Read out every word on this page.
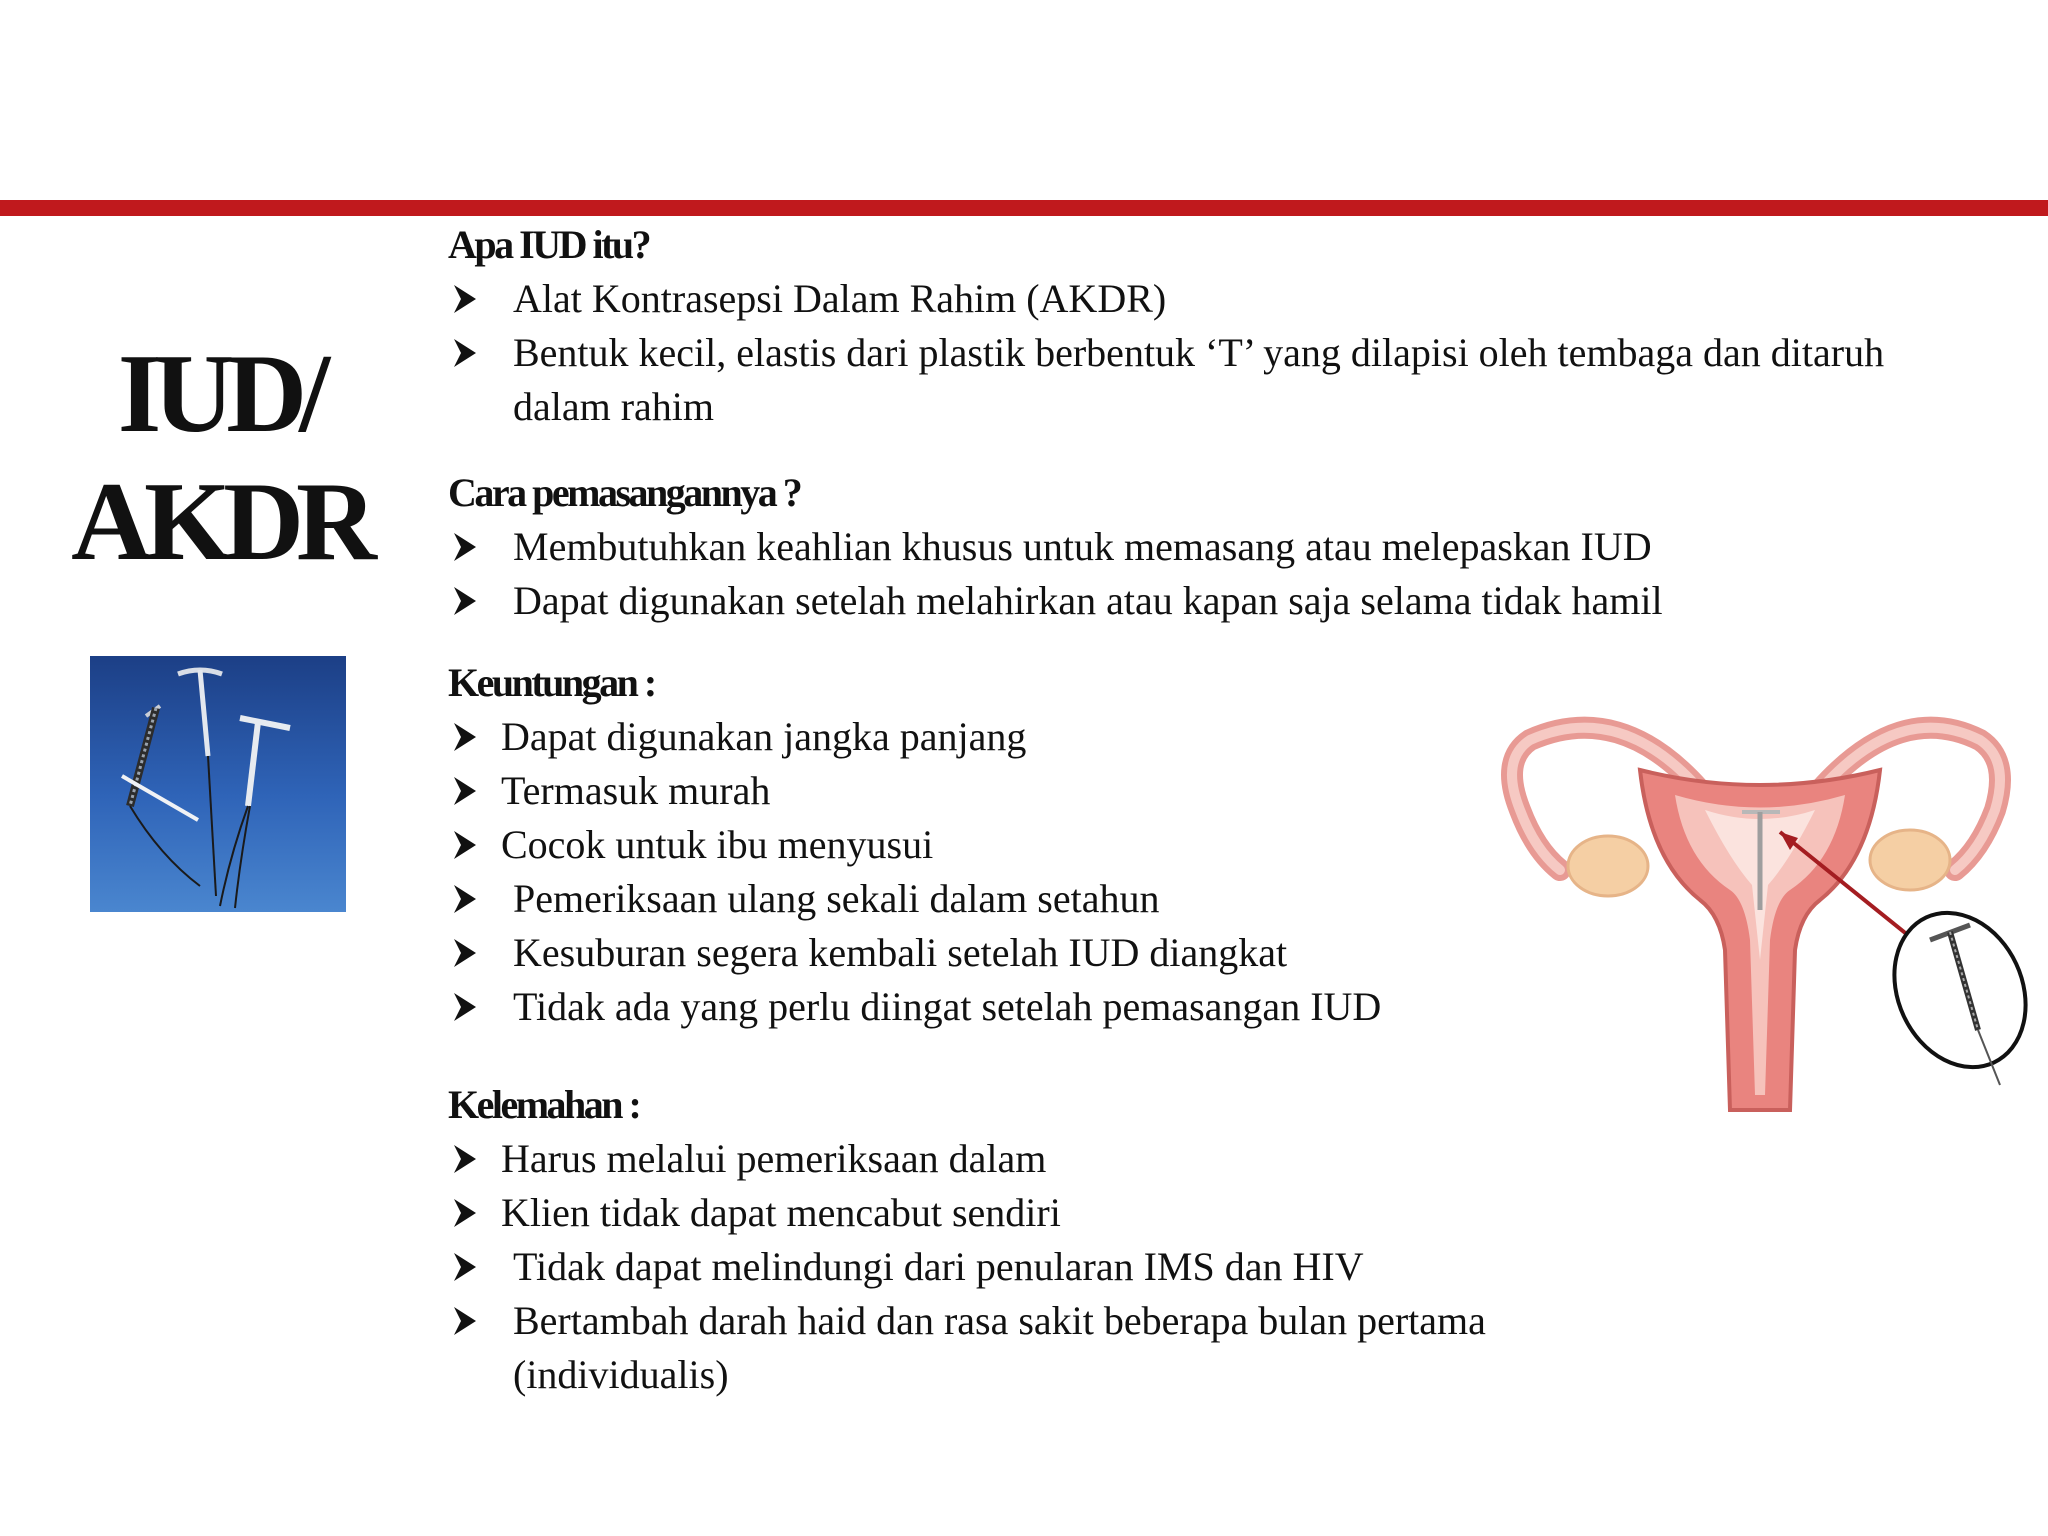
IUD/
AKDR

Apa IUD itu?

Alat Kontrasepsi Dalam Rahim (AKDR)
Bentuk kecil, elastis dari plastik berbentuk ‘T’ yang dilapisi oleh tembaga dan ditaruh dalam rahim

Cara pemasangannya ?

Membutuhkan keahlian khusus untuk memasang atau melepaskan IUD
Dapat digunakan setelah melahirkan atau kapan saja selama tidak hamil

Keuntungan :

Dapat digunakan jangka panjang
Termasuk murah
Cocok untuk ibu menyusui
Pemeriksaan ulang sekali dalam setahun
Kesuburan segera kembali setelah IUD diangkat
Tidak ada yang perlu diingat setelah pemasangan IUD

Kelemahan :

Harus melalui pemeriksaan dalam
Klien tidak dapat mencabut sendiri
Tidak dapat melindungi dari penularan IMS dan HIV
Bertambah darah haid dan rasa sakit beberapa bulan pertama (individualis)
